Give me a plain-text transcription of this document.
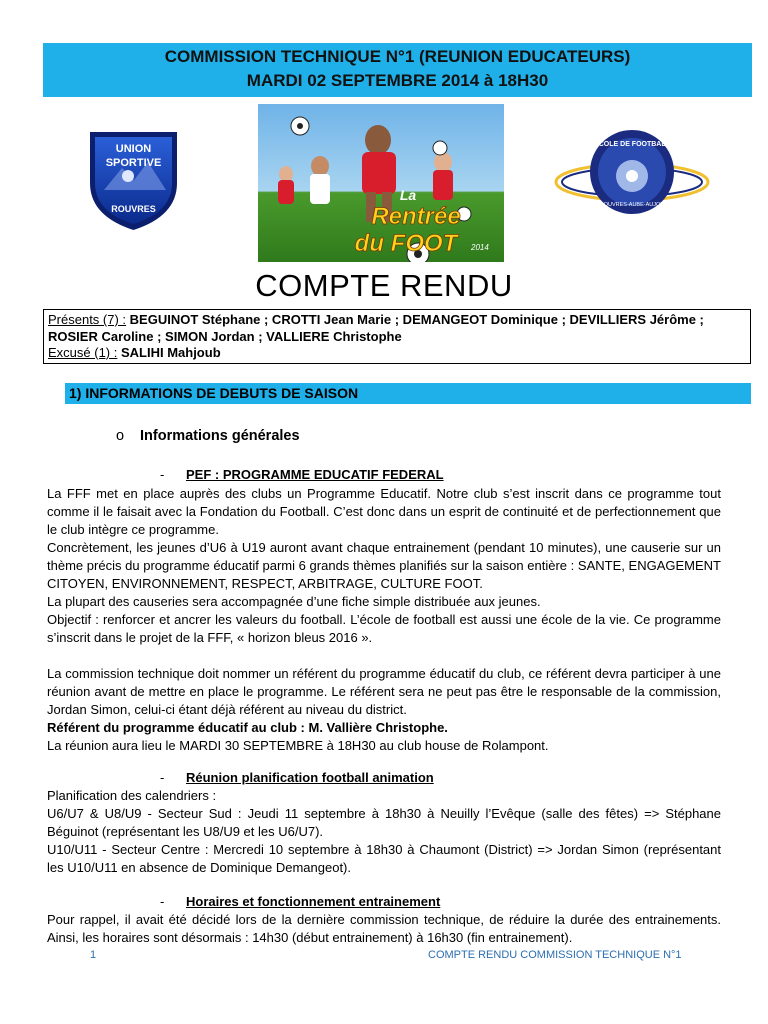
COMMISSION TECHNIQUE N°1 (REUNION EDUCATEURS)
MARDI 02 SEPTEMBRE 2014 à 18H30
UNION
SPORTIVE
ROUVRES
La
Rentrée
du FOOT 2014
ÉCOLE DE FOOTBALL
ROUVRES-AUBE-AUJON
COMPTE RENDU
Présents (7) : BEGUINOT Stéphane ; CROTTI Jean Marie ; DEMANGEOT Dominique ; DEVILLIERS Jérôme ;
ROSIER Caroline ; SIMON Jordan ; VALLIERE Christophe
Excusé (1) : SALIHI Mahjoub
1) INFORMATIONS DE DEBUTS DE SAISON
o Informations générales
- PEF : PROGRAMME EDUCATIF FEDERAL

La FFF met en place auprès des clubs un Programme Educatif. Notre club s’est inscrit dans ce programme tout comme il le faisait avec la Fondation du Football. C’est donc dans un esprit de continuité et de perfectionnement que le club intègre ce programme.

Concrètement, les jeunes d’U6 à U19 auront avant chaque entrainement (pendant 10 minutes), une causerie sur un thème précis du programme éducatif parmi 6 grands thèmes planifiés sur la saison entière : SANTE, ENGAGEMENT CITOYEN, ENVIRONNEMENT, RESPECT, ARBITRAGE, CULTURE FOOT.

La plupart des causeries sera accompagnée d’une fiche simple distribuée aux jeunes.

Objectif : renforcer et ancrer les valeurs du football. L’école de football est aussi une école de la vie. Ce programme s’inscrit dans le projet de la FFF, « horizon bleus 2016 ».

La commission technique doit nommer un référent du programme éducatif du club, ce référent devra participer à une réunion avant de mettre en place le programme. Le référent sera ne peut pas être le responsable de la commission, Jordan Simon, celui-ci étant déjà référent au niveau du district.

Référent du programme éducatif au club : M. Vallière Christophe.

La réunion aura lieu le MARDI 30 SEPTEMBRE à 18H30 au club house de Rolampont.

- Réunion planification football animation

Planification des calendriers :

U6/U7 & U8/U9 - Secteur Sud : Jeudi 11 septembre à 18h30 à Neuilly l’Evêque (salle des fêtes) => Stéphane Béguinot (représentant les U8/U9 et les U6/U7).

U10/U11 - Secteur Centre : Mercredi 10 septembre à 18h30 à Chaumont (District) => Jordan Simon (représentant les U10/U11 en absence de Dominique Demangeot).

- Horaires et fonctionnement entrainement

Pour rappel, il avait été décidé lors de la dernière commission technique, de réduire la durée des entrainements. Ainsi, les horaires sont désormais : 14h30 (début entrainement) à 16h30 (fin entrainement).

1	COMPTE RENDU COMMISSION TECHNIQUE N°1
